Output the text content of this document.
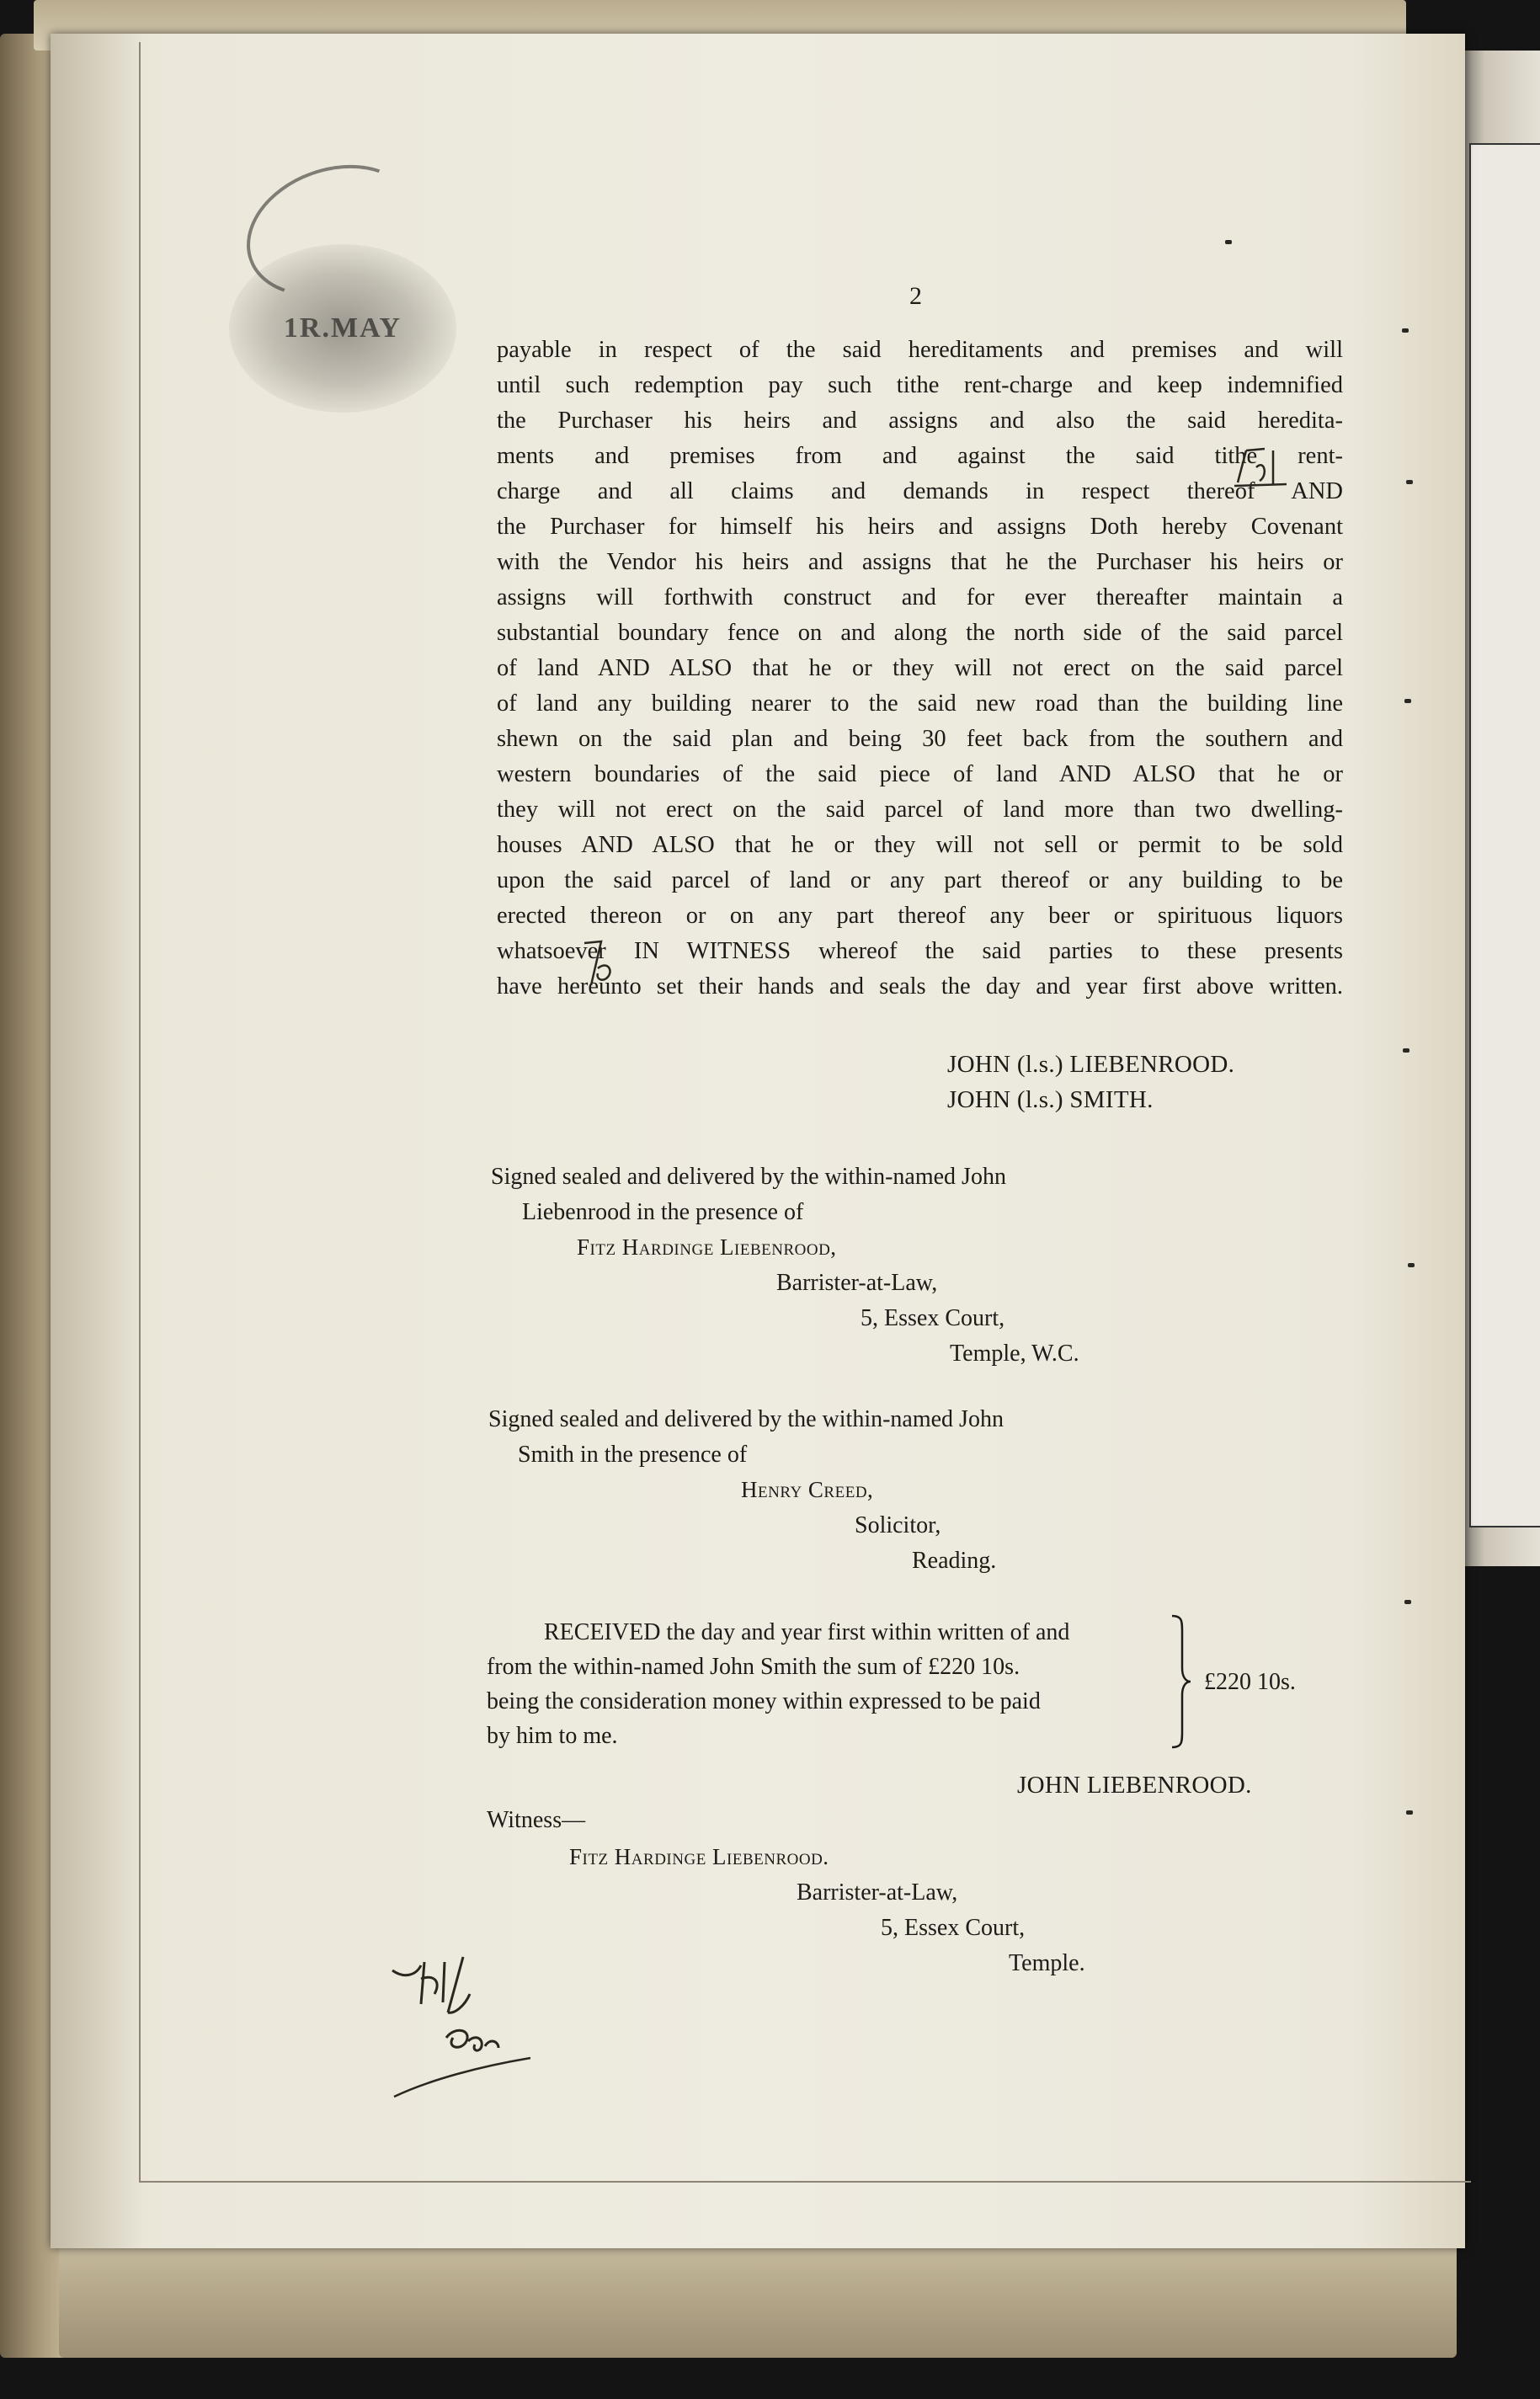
1R.MAY
2
payable in respect of the said hereditaments and premises and will
until such redemption pay such tithe rent-charge and keep indemnified
the Purchaser his heirs and assigns and also the said heredita-
ments and premises from and against the said tithe rent-
charge and all claims and demands in respect thereof AND
the Purchaser for himself his heirs and assigns Doth hereby Covenant
with the Vendor his heirs and assigns that he the Purchaser his heirs or
assigns will forthwith construct and for ever thereafter maintain a
substantial boundary fence on and along the north side of the said parcel
of land AND ALSO that he or they will not erect on the said parcel
of land any building nearer to the said new road than the building line
shewn on the said plan and being 30 feet back from the southern and
western boundaries of the said piece of land AND ALSO that he or
they will not erect on the said parcel of land more than two dwelling-
houses AND ALSO that he or they will not sell or permit to be sold
upon the said parcel of land or any part thereof or any building to be
erected thereon or on any part thereof any beer or spirituous liquors
whatsoever IN WITNESS whereof the said parties to these presents
have hereunto set their hands and seals the day and year first above written.
JOHN (l.s.) LIEBENROOD.
JOHN (l.s.) SMITH.
Signed sealed and delivered by the within-named John
Liebenrood in the presence of
Fitz Hardinge Liebenrood,
Barrister-at-Law,
5, Essex Court,
Temple, W.C.
Signed sealed and delivered by the within-named John
Smith in the presence of
Henry Creed,
Solicitor,
Reading.
RECEIVED the day and year first within written of and
from the within-named John Smith the sum of £220 10s.
being the consideration money within expressed to be paid
by him to me.
£220 10s.
JOHN LIEBENROOD.
Witness—
Fitz Hardinge Liebenrood.
Barrister-at-Law,
5, Essex Court,
Temple.
